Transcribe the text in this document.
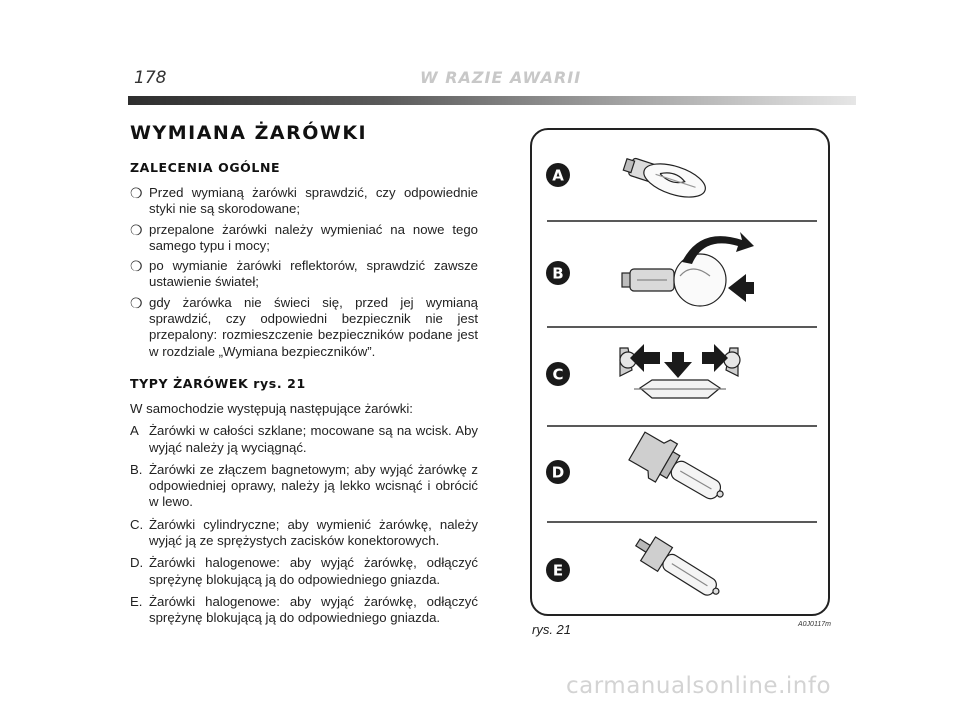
178	W RAZIE AWARII
WYMIANA ŻARÓWKI
ZALECENIA OGÓLNE
❍ Przed wymianą żarówki sprawdzić, czy odpowiednie styki nie są skorodowane;
❍ przepalone żarówki należy wymieniać na nowe tego samego typu i mocy;
❍ po wymianie żarówki reflektorów, sprawdzić zawsze ustawienie świateł;
❍ gdy żarówka nie świeci się, przed jej wymianą sprawdzić, czy odpowiedni bezpiecznik nie jest przepalony: rozmieszczenie bezpieczników podane jest w rozdziale „Wymiana bezpieczników”.
TYPY ŻARÓWEK rys. 21

W samochodzie występują następujące żarówki:

A Żarówki w całości szklane; mocowane są na wcisk. Aby wyjąć należy ją wyciągnąć.
B. Żarówki ze złączem bagnetowym; aby wyjąć żarówkę z odpowiedniej oprawy, należy ją lekko wcisnąć i obrócić w lewo.
C. Żarówki cylindryczne; aby wymienić żarówkę, należy wyjąć ją ze sprężystych zacisków konektorowych.
D. Żarówki halogenowe: aby wyjąć żarówkę, odłączyć sprężynę blokującą ją do odpowiedniego gniazda.
E. Żarówki halogenowe: aby wyjąć żarówkę, odłączyć sprężynę blokującą ją do odpowiedniego gniazda.
A
B
C
D
E
rys. 21	A0J0117m
carmanualsonline.info
